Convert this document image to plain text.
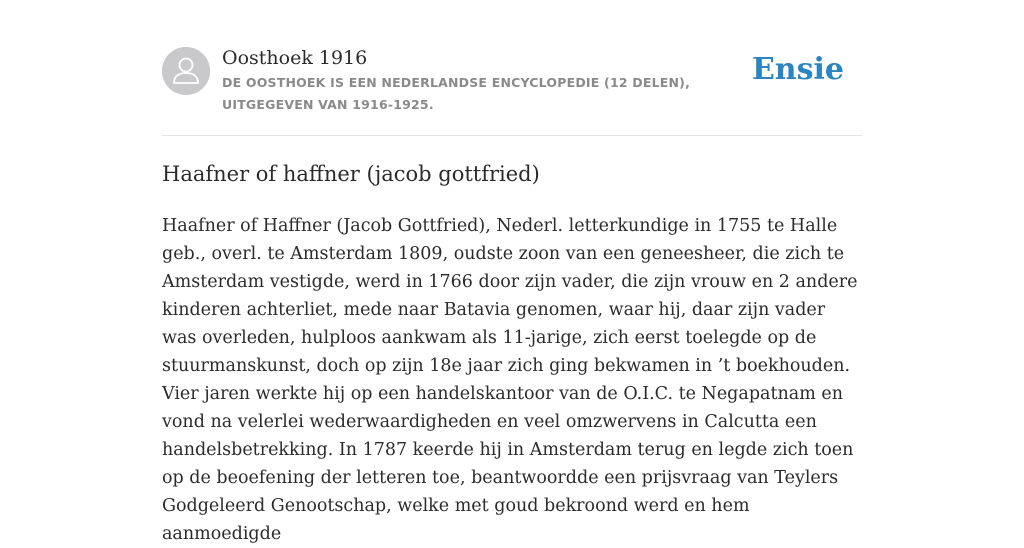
Oosthoek 1916
DE OOSTHOEK IS EEN NEDERLANDSE ENCYCLOPEDIE (12 DELEN), UITGEGEVEN VAN 1916-1925.
Ensie
Haafner of haffner (jacob gottfried)

Haafner of Haffner (Jacob Gottfried), Nederl. letterkundige in 1755 te Halle geb., overl. te Amsterdam 1809, oudste zoon van een geneesheer, die zich te Amsterdam vestigde, werd in 1766 door zijn vader, die zijn vrouw en 2 andere kinderen achterliet, mede naar Batavia genomen, waar hij, daar zijn vader was overleden, hulploos aankwam als 11-jarige, zich eerst toelegde op de stuurmanskunst, doch op zijn 18e jaar zich ging bekwamen in ’t boekhouden. Vier jaren werkte hij op een handelskantoor van de O.I.C. te Negapatnam en vond na velerlei wederwaardigheden en veel omzwervens in Calcutta een handelsbetrekking. In 1787 keerde hij in Amsterdam terug en legde zich toen op de beoefening der letteren toe, beantwoordde een prijsvraag van Teylers Godgeleerd Genootschap, welke met goud bekroond werd en hem aanmoedigde
